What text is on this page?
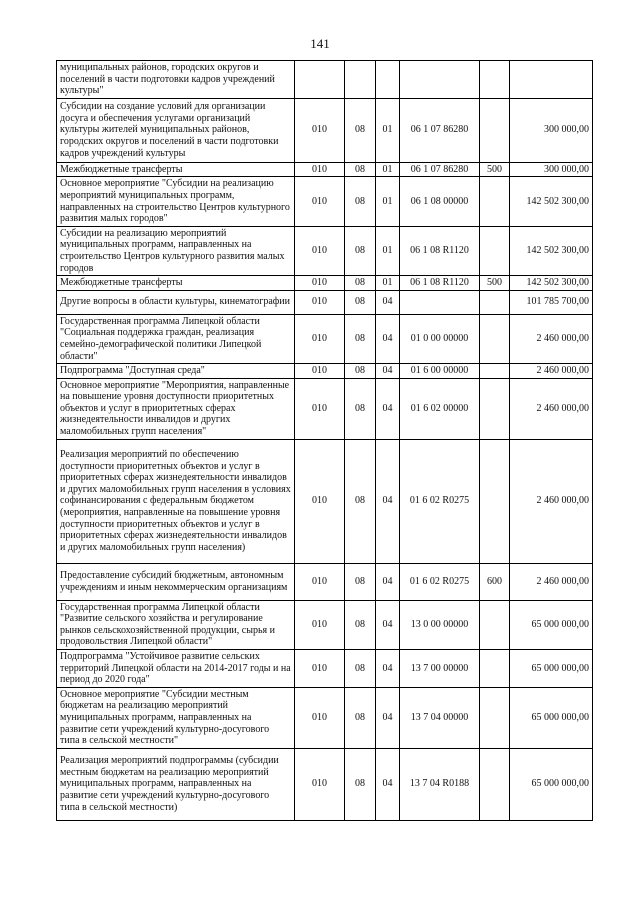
141
муниципальных районов, городских округов и поселений в части подготовки кадров учреждений культуры"						
Субсидии на создание условий для организации досуга и обеспечения услугами организаций культуры жителей муниципальных районов, городских округов и поселений в части подготовки кадров учреждений культуры	010	08	01	06 1 07 86280		300 000,00
Межбюджетные трансферты	010	08	01	06 1 07 86280	500	300 000,00
Основное мероприятие "Субсидии на реализацию мероприятий муниципальных программ, направленных на строительство Центров культурного развития малых городов"	010	08	01	06 1 08 00000		142 502 300,00
Субсидии на реализацию мероприятий муниципальных программ, направленных на строительство Центров культурного развития малых городов	010	08	01	06 1 08 R1120		142 502 300,00
Межбюджетные трансферты	010	08	01	06 1 08 R1120	500	142 502 300,00
Другие вопросы в области культуры, кинематографии	010	08	04			101 785 700,00
Государственная программа Липецкой области "Социальная поддержка граждан, реализация семейно-демографической политики Липецкой области"	010	08	04	01 0 00 00000		2 460 000,00
Подпрограмма "Доступная среда"	010	08	04	01 6 00 00000		2 460 000,00
Основное мероприятие "Мероприятия, направленные на повышение уровня доступности приоритетных объектов и услуг в приоритетных сферах жизнедеятельности инвалидов и других маломобильных групп населения"	010	08	04	01 6 02 00000		2 460 000,00
Реализация мероприятий по обеспечению доступности приоритетных объектов и услуг в приоритетных сферах жизнедеятельности инвалидов и других маломобильных групп населения в условиях софинансирования с федеральным бюджетом (мероприятия, направленные на повышение уровня доступности приоритетных объектов и услуг в приоритетных сферах жизнедеятельности инвалидов и других маломобильных групп населения)	010	08	04	01 6 02 R0275		2 460 000,00
Предоставление субсидий бюджетным, автономным учреждениям и иным некоммерческим организациям	010	08	04	01 6 02 R0275	600	2 460 000,00
Государственная программа Липецкой области "Развитие сельского хозяйства и регулирование рынков сельскохозяйственной продукции, сырья и продовольствия Липецкой области"	010	08	04	13 0 00 00000		65 000 000,00
Подпрограмма "Устойчивое развитие сельских территорий Липецкой области на 2014-2017 годы и на период до 2020 года"	010	08	04	13 7 00 00000		65 000 000,00
Основное мероприятие "Субсидии местным бюджетам на реализацию мероприятий муниципальных программ, направленных на развитие сети учреждений культурно-досугового типа в сельской местности"	010	08	04	13 7 04 00000		65 000 000,00
Реализация мероприятий подпрограммы (субсидии местным бюджетам на реализацию мероприятий муниципальных программ, направленных на развитие сети учреждений культурно-досугового типа в сельской местности)	010	08	04	13 7 04 R0188		65 000 000,00
